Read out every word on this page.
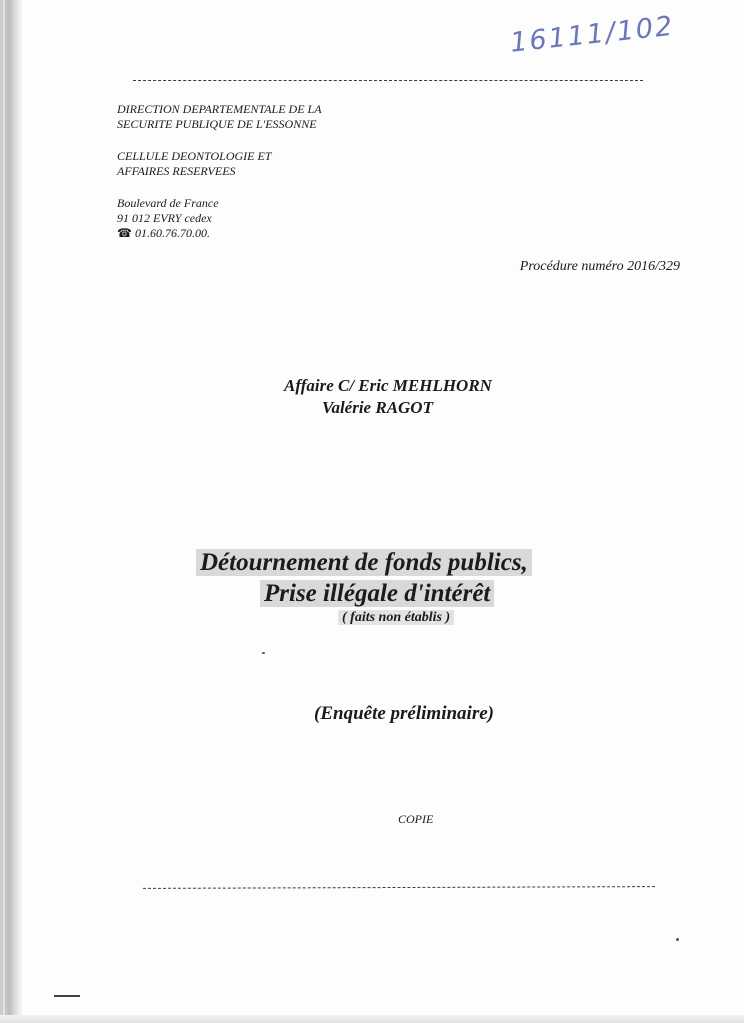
16111/102
DIRECTION DEPARTEMENTALE DE LA
SECURITE PUBLIQUE DE L'ESSONNE
CELLULE DEONTOLOGIE ET
AFFAIRES RESERVEES
Boulevard de France
91 012 EVRY cedex
☎ 01.60.76.70.00.
Procédure numéro 2016/329
Affaire C/ Eric MEHLHORN
Valérie RAGOT
Détournement de fonds publics,
Prise illégale d'intérêt
( faits non établis )
(Enquête préliminaire)
COPIE
